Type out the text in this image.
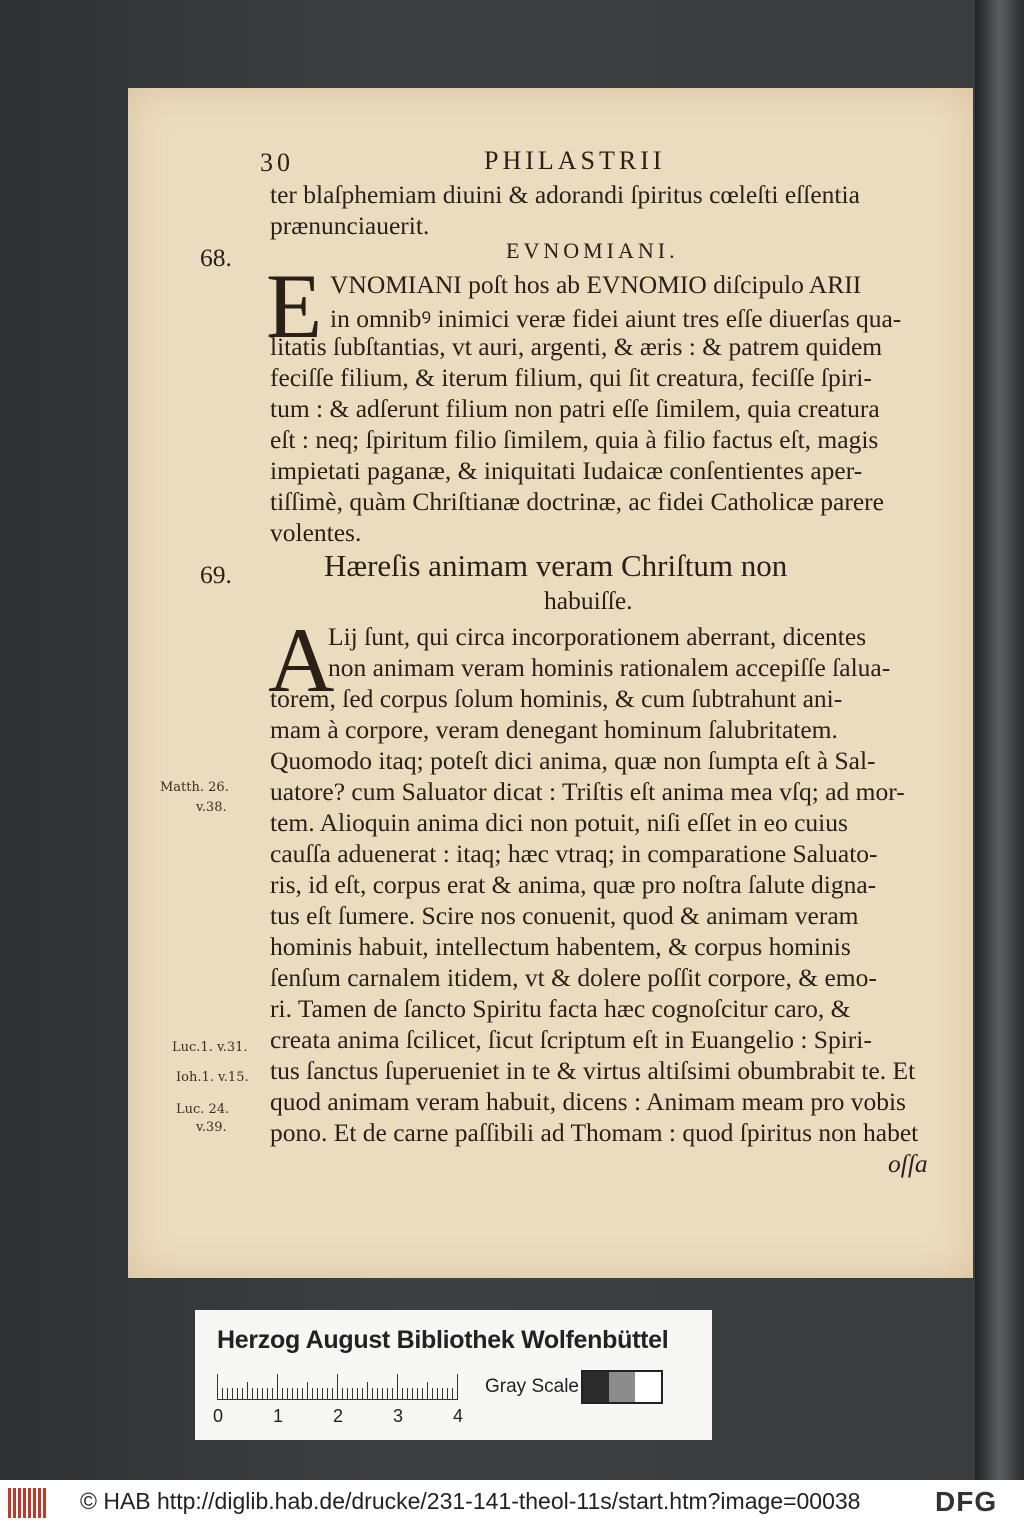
30	PHILASTRII
ter blaſphemiam diuini & adorandi ſpiritus cœleſti eſſentia
prænunciauerit.
68.	EVNOMIANI.
E VNOMIANI poſt hos ab EVNOMIO diſcipulo ARII
in omnibꝰ inimici veræ fidei aiunt tres eſſe diuerſas qua-
litatis ſubſtantias, vt auri, argenti, & æris : & patrem quidem
feciſſe filium, & iterum filium, qui ſit creatura, feciſſe ſpiri-
tum : & adſerunt filium non patri eſſe ſimilem, quia creatura
eſt : neq; ſpiritum filio ſimilem, quia à filio factus eſt, magis
impietati paganæ, & iniquitati Iudaicæ conſentientes aper-
tiſſimè, quàm Chriſtianæ doctrinæ, ac fidei Catholicæ parere
volentes.
69.	Hæreſis animam veram Chriſtum non
habuiſſe.
A
Lij ſunt, qui circa incorporationem aberrant, dicentes
non animam veram hominis rationalem accepiſſe ſalua-
torem, ſed corpus ſolum hominis, & cum ſubtrahunt ani-
mam à corpore, veram denegant hominum ſalubritatem.
Quomodo itaq; poteſt dici anima, quæ non ſumpta eſt à Sal-
uatore? cum Saluator dicat : Triſtis eſt anima mea vſq; ad mor-
tem. Alioquin anima dici non potuit, niſi eſſet in eo cuius
cauſſa aduenerat : itaq; hæc vtraq; in comparatione Saluato-
ris, id eſt, corpus erat & anima, quæ pro noſtra ſalute digna-
tus eſt ſumere. Scire nos conuenit, quod & animam veram
hominis habuit, intellectum habentem, & corpus hominis
ſenſum carnalem itidem, vt & dolere poſſit corpore, & emo-
ri. Tamen de ſancto Spiritu facta hæc cognoſcitur caro, &
creata anima ſcilicet, ſicut ſcriptum eſt in Euangelio : Spiri-
tus ſanctus ſuperueniet in te & virtus altiſsimi obumbrabit te. Et
quod animam veram habuit, dicens : Animam meam pro vobis
pono. Et de carne paſſibili ad Thomam : quod ſpiritus non habet
oſſa
Matth. 26.
v.38.
Luc.1. v.31.
Ioh.1. v.15.
Luc. 24.
v.39.
Herzog August Bibliothek Wolfenbüttel
0	1	2	3	4
Gray Scale
© HAB http://diglib.hab.de/drucke/231-141-theol-11s/start.htm?image=00038	DFG
